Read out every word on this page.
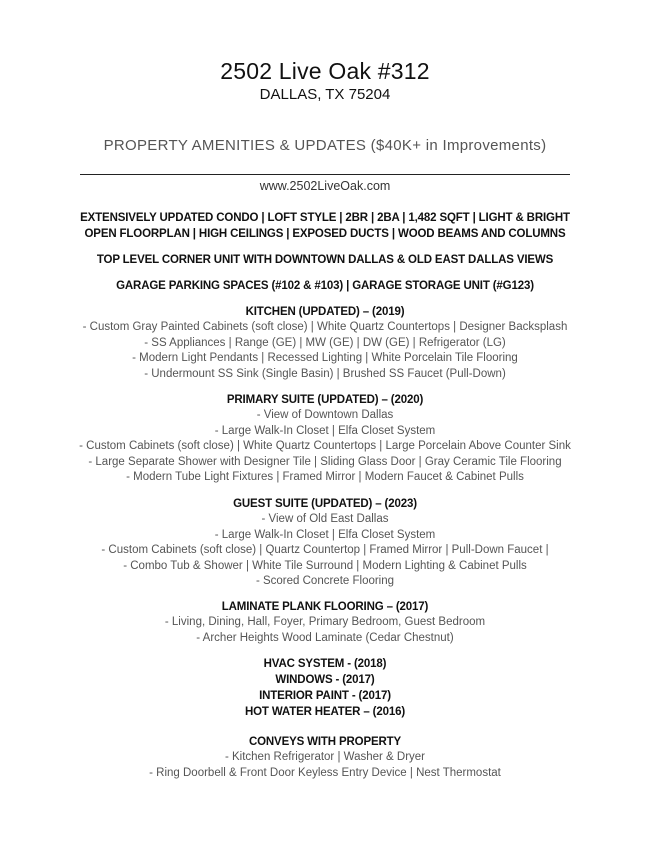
2502 Live Oak #312
DALLAS, TX 75204
PROPERTY AMENITIES & UPDATES ($40K+ in Improvements)
www.2502LiveOak.com
EXTENSIVELY UPDATED CONDO | LOFT STYLE | 2BR | 2BA | 1,482 SQFT | LIGHT & BRIGHT
OPEN FLOORPLAN | HIGH CEILINGS | EXPOSED DUCTS | WOOD BEAMS AND COLUMNS
TOP LEVEL CORNER UNIT WITH DOWNTOWN DALLAS & OLD EAST DALLAS VIEWS
GARAGE PARKING SPACES (#102 & #103) | GARAGE STORAGE UNIT (#G123)
KITCHEN (UPDATED) – (2019)
- Custom Gray Painted Cabinets (soft close) | White Quartz Countertops | Designer Backsplash
- SS Appliances | Range (GE) | MW (GE) | DW (GE) | Refrigerator (LG)
- Modern Light Pendants | Recessed Lighting | White Porcelain Tile Flooring
- Undermount SS Sink (Single Basin) | Brushed SS Faucet (Pull-Down)
PRIMARY SUITE (UPDATED) – (2020)
- View of Downtown Dallas
- Large Walk-In Closet | Elfa Closet System
- Custom Cabinets (soft close) | White Quartz Countertops | Large Porcelain Above Counter Sink
- Large Separate Shower with Designer Tile | Sliding Glass Door | Gray Ceramic Tile Flooring
- Modern Tube Light Fixtures | Framed Mirror | Modern Faucet & Cabinet Pulls
GUEST SUITE (UPDATED) – (2023)
- View of Old East Dallas
- Large Walk-In Closet | Elfa Closet System
- Custom Cabinets (soft close) | Quartz Countertop | Framed Mirror | Pull-Down Faucet |
- Combo Tub & Shower | White Tile Surround | Modern Lighting & Cabinet Pulls
- Scored Concrete Flooring
LAMINATE PLANK FLOORING – (2017)
- Living, Dining, Hall, Foyer, Primary Bedroom, Guest Bedroom
- Archer Heights Wood Laminate (Cedar Chestnut)
HVAC SYSTEM - (2018)
WINDOWS - (2017)
INTERIOR PAINT - (2017)
HOT WATER HEATER – (2016)
CONVEYS WITH PROPERTY
- Kitchen Refrigerator | Washer & Dryer
- Ring Doorbell & Front Door Keyless Entry Device | Nest Thermostat
